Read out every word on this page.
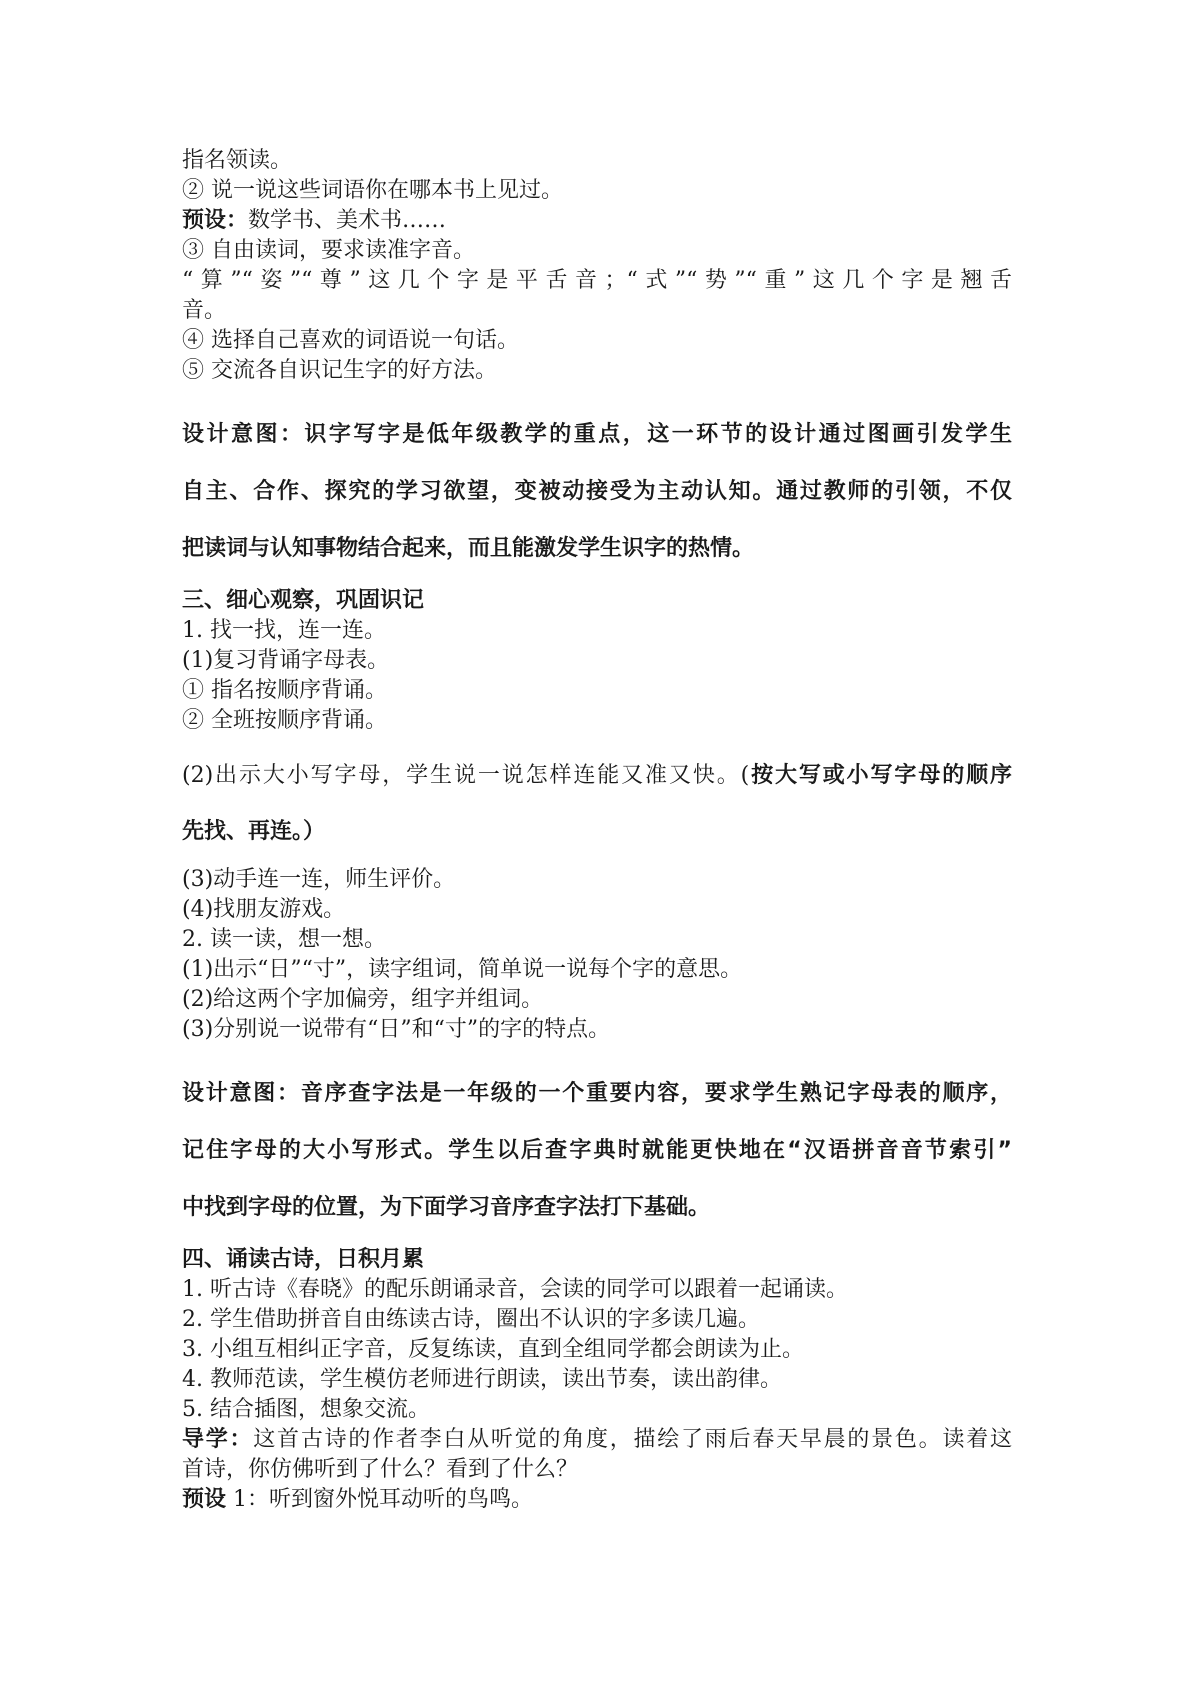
指名领读。
② 说一说这些词语你在哪本书上见过。
预设：数学书、美术书……
③ 自由读词，要求读准字音。
“算”“姿”“尊”这几个字是平舌音；“式”“势”“重”这几个字是翘舌
音。
④ 选择自己喜欢的词语说一句话。
⑤ 交流各自识记生字的好方法。
设计意图：识字写字是低年级教学的重点，这一环节的设计通过图画引发学生
自主、合作、探究的学习欲望，变被动接受为主动认知。通过教师的引领，不仅
把读词与认知事物结合起来，而且能激发学生识字的热情。
三、细心观察，巩固识记
1. 找一找，连一连。
(1)复习背诵字母表。
① 指名按顺序背诵。
② 全班按顺序背诵。
(2)出示大小写字母，学生说一说怎样连能又准又快。(按大写或小写字母的顺序
先找、再连。）
(3)动手连一连，师生评价。
(4)找朋友游戏。
2. 读一读，想一想。
(1)出示“日”“寸”，读字组词，简单说一说每个字的意思。
(2)给这两个字加偏旁，组字并组词。
(3)分别说一说带有“日”和“寸”的字的特点。
设计意图：音序查字法是一年级的一个重要内容，要求学生熟记字母表的顺序，
记住字母的大小写形式。学生以后查字典时就能更快地在“汉语拼音音节索引”
中找到字母的位置，为下面学习音序查字法打下基础。
四、诵读古诗，日积月累
1. 听古诗《春晓》的配乐朗诵录音，会读的同学可以跟着一起诵读。
2. 学生借助拼音自由练读古诗，圈出不认识的字多读几遍。
3. 小组互相纠正字音，反复练读，直到全组同学都会朗读为止。
4. 教师范读，学生模仿老师进行朗读，读出节奏，读出韵律。
5. 结合插图，想象交流。
导学：这首古诗的作者李白从听觉的角度，描绘了雨后春天早晨的景色。读着这
首诗，你仿佛听到了什么？看到了什么？
预设 1：听到窗外悦耳动听的鸟鸣。
